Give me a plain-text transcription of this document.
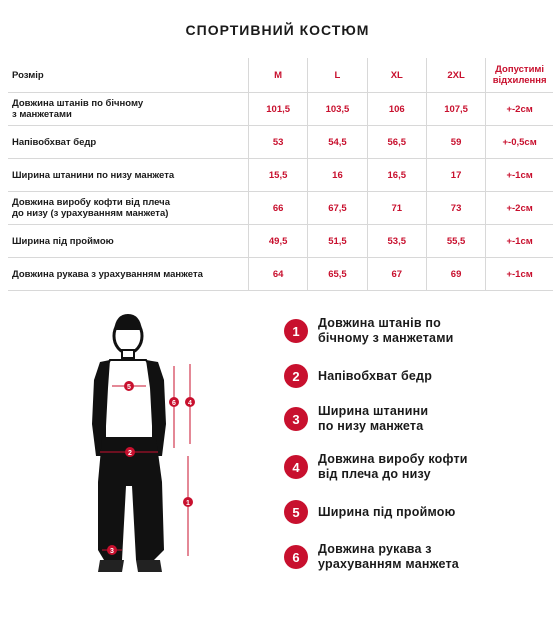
СПОРТИВНИЙ КОСТЮМ
Розмір	M	L	XL	2XL	Допустимі
відхилення
Довжина штанів по бічному
з манжетами	101,5	103,5	106	107,5	+-2см
Напівобхват бедр	53	54,5	56,5	59	+-0,5см
Ширина штанини по низу манжета	15,5	16	16,5	17	+-1см
Довжина виробу кофти від плеча
до низу (з урахуванням манжета)	66	67,5	71	73	+-2см
Ширина під проймою	49,5	51,5	53,5	55,5	+-1см
Довжина рукава з урахуванням манжета	64	65,5	67	69	+-1см
1
2
3
4
5
6
1
Довжина штанів по
бічному з манжетами
2	Напівобхват бедр
3
Ширина штанини
по низу манжета
4
Довжина виробу кофти
від плеча до низу
5	Ширина під проймою
6
Довжина рукава з
урахуванням манжета
